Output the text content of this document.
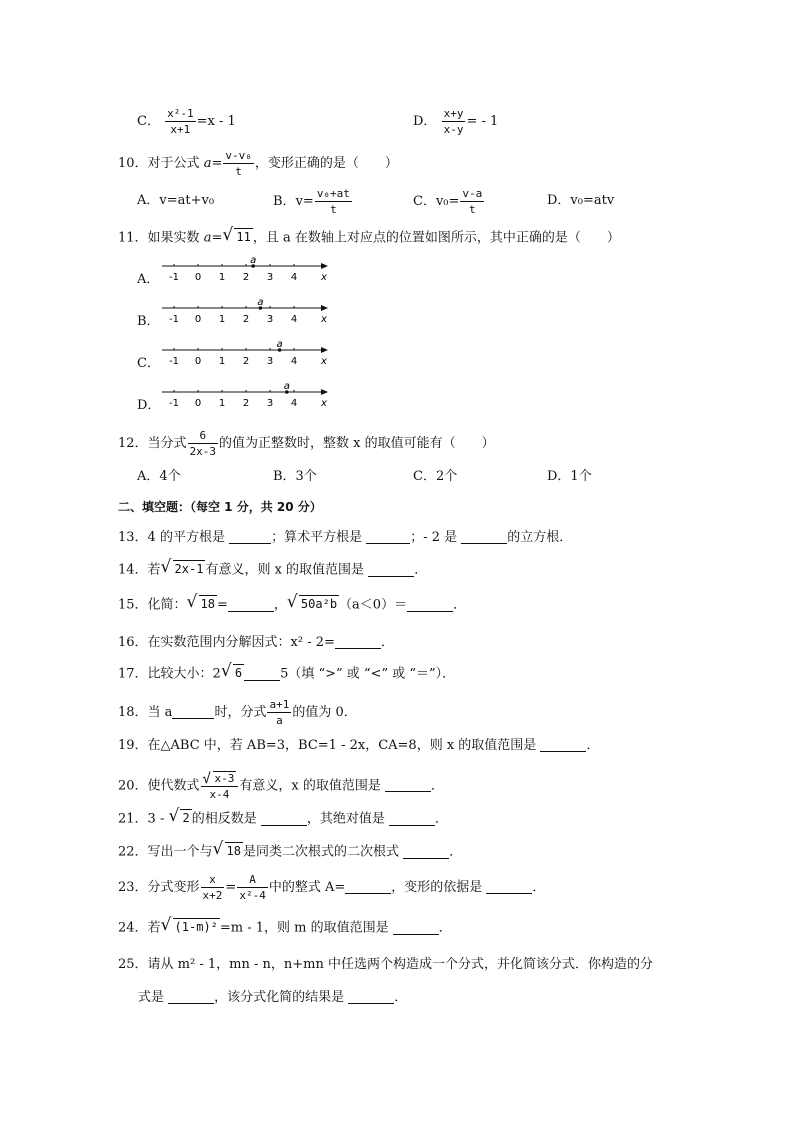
C． $\frac{\text{x²-1}}{x+1} =x - 1$	D． $\frac{x+y}{x-y}$ = - 1
10．对于公式 $a= \frac{\text{v-v₀}}{t}$ ，变形正确的是（　　）
A．v=at+v₀	B．$v= \frac{\text{v₀+at}}{t}$	C．$v_0= \frac{v-a}{t}$	D．v₀=atv
11．如果实数 a= √ 11 ，且 a 在数轴上对应点的位置如图所示，其中正确的是（　　）
A．
B．
C．
D．
-1 0 1 2 3 4 x
a
-1 0 1 2 3 4 x
a
-1 0 1 2 3 4 x
a
-1 0 1 2 3 4 x
a
12．当分式 $\frac{6}{2x-3}$ 的值为正整数时，整数 x 的取值可能有（　　）
A．4个	B．3个	C．2个	D．1个
二、填空题：（每空 1 分，共 20 分）
13．4 的平方根是	；算术平方根是	；- 2 是	的立方根．
14．若 √ 2x-1 有意义，则 x 的取值范围是	．
15．化简： √ 18 =	， √ 50a²b （a＜0）＝	．
16．在实数范围内分解因式：x² - 2=	．
17．比较大小：2 √ 6	5（填 “>” 或 “<” 或 “＝”）．
18．当 a	时，分式 $\frac{a+1}{a}$ 的值为 0．
19．在△ABC 中，若 AB=3，BC=1 - 2x，CA=8，则 x 的取值范围是	．
20．使代数式 $\frac{√ x-3}{x-4}$ 有意义，x 的取值范围是	．
21．3 - √ 2 的相反数是	，其绝对值是	．
22．写出一个与 √ 18 是同类二次根式的二次根式	．
23．分式变形 $\frac{x}{x+2} = \frac{A}{\text{x²-4}}$ 中的整式 A=	，变形的依据是	．
24．若 √ (1-m)² =m - 1，则 m 的取值范围是	．
25．请从 m² - 1，mn - n，n+mn 中任选两个构造成一个分式，并化简该分式．你构造的分
式是	，该分式化简的结果是	．
